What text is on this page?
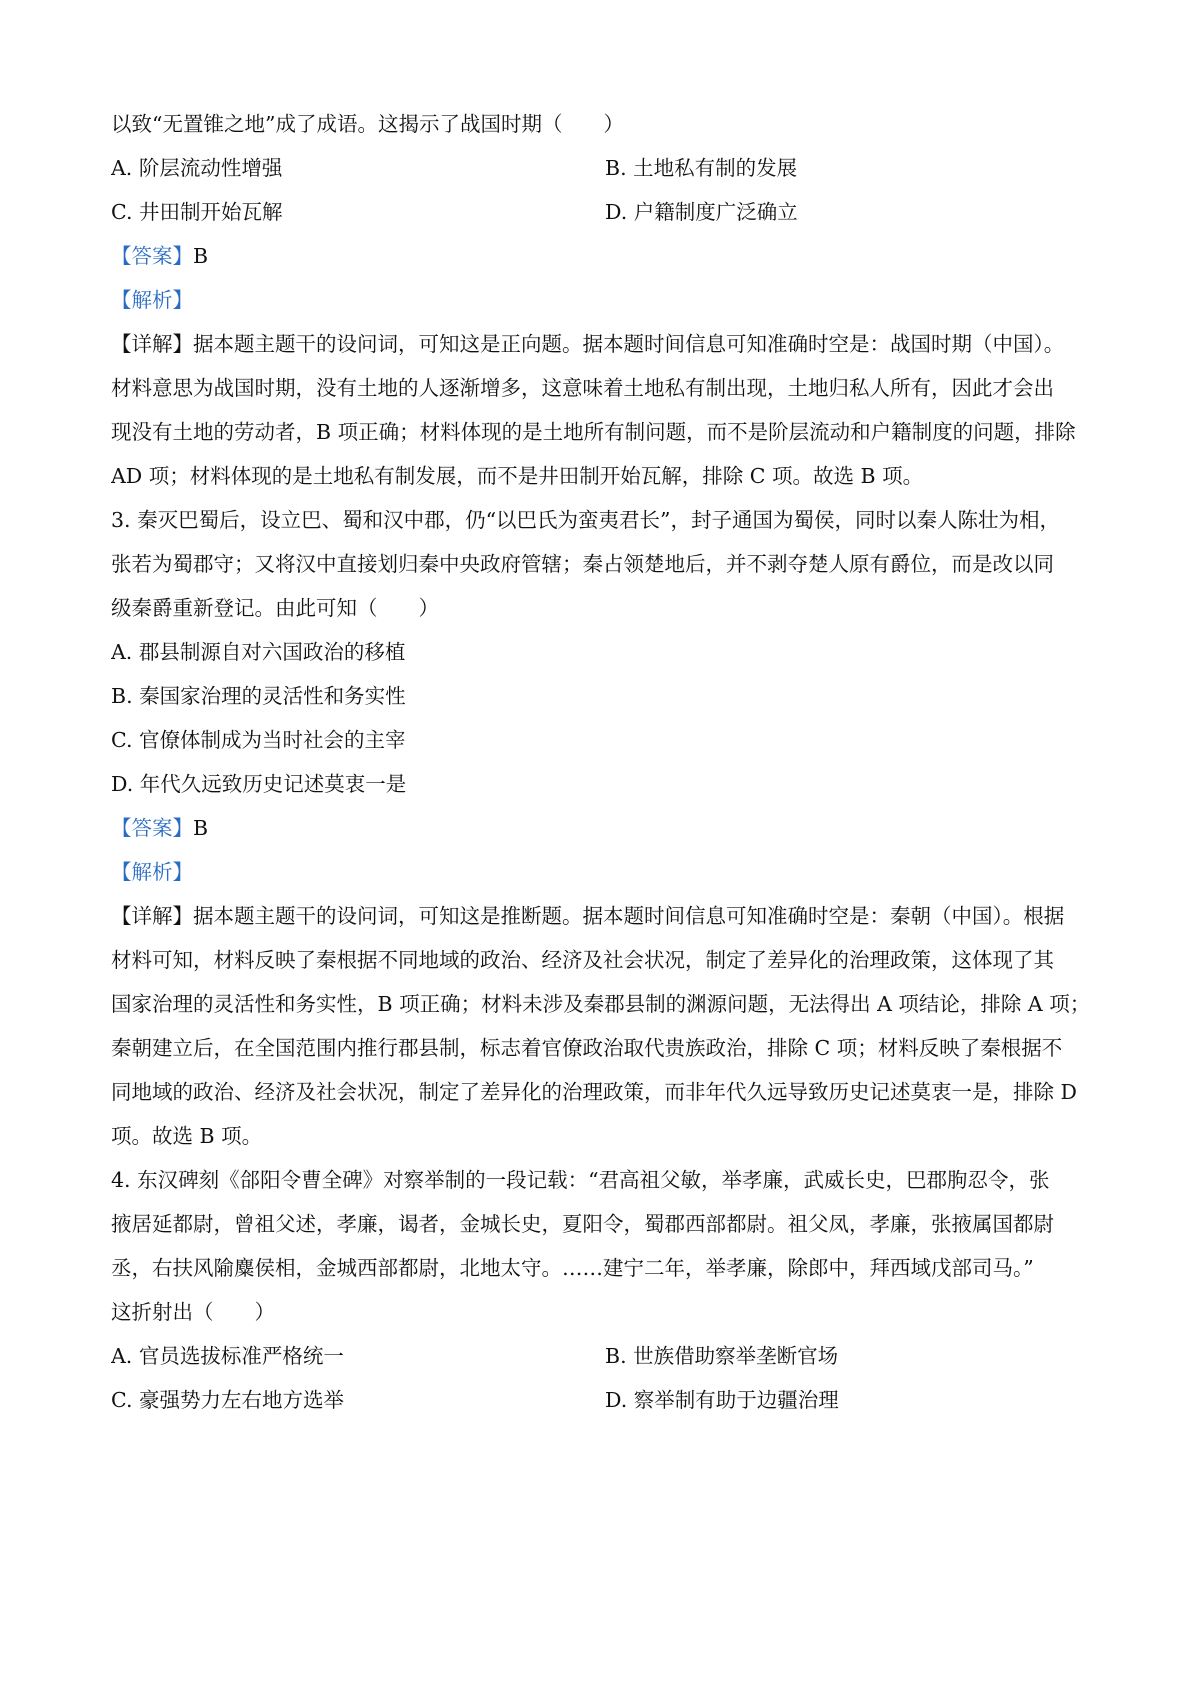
以致“无置锥之地”成了成语。这揭示了战国时期（　　）
A. 阶层流动性增强	B. 土地私有制的发展
C. 井田制开始瓦解	D. 户籍制度广泛确立
【答案】B
【解析】
【详解】据本题主题干的设问词，可知这是正向题。据本题时间信息可知准确时空是：战国时期（中国）。
材料意思为战国时期，没有土地的人逐渐增多，这意味着土地私有制出现，土地归私人所有，因此才会出
现没有土地的劳动者，B 项正确；材料体现的是土地所有制问题，而不是阶层流动和户籍制度的问题，排除
AD 项；材料体现的是土地私有制发展，而不是井田制开始瓦解，排除 C 项。故选 B 项。
3. 秦灭巴蜀后，设立巴、蜀和汉中郡，仍“以巴氏为蛮夷君长”，封子通国为蜀侯，同时以秦人陈壮为相，
张若为蜀郡守；又将汉中直接划归秦中央政府管辖；秦占领楚地后，并不剥夺楚人原有爵位，而是改以同
级秦爵重新登记。由此可知（　　）
A. 郡县制源自对六国政治的移植
B. 秦国家治理的灵活性和务实性
C. 官僚体制成为当时社会的主宰
D. 年代久远致历史记述莫衷一是
【答案】B
【解析】
【详解】据本题主题干的设问词，可知这是推断题。据本题时间信息可知准确时空是：秦朝（中国）。根据
材料可知，材料反映了秦根据不同地域的政治、经济及社会状况，制定了差异化的治理政策，这体现了其
国家治理的灵活性和务实性，B 项正确；材料未涉及秦郡县制的渊源问题，无法得出 A 项结论，排除 A 项；
秦朝建立后，在全国范围内推行郡县制，标志着官僚政治取代贵族政治，排除 C 项；材料反映了秦根据不
同地域的政治、经济及社会状况，制定了差异化的治理政策，而非年代久远导致历史记述莫衷一是，排除 D
项。故选 B 项。
4. 东汉碑刻《郃阳令曹全碑》对察举制的一段记载：“君高祖父敏，举孝廉，武威长史，巴郡朐忍令，张
掖居延都尉，曾祖父述，孝廉，谒者，金城长史，夏阳令，蜀郡西部都尉。祖父凤，孝廉，张掖属国都尉
丞，右扶风隃麋侯相，金城西部都尉，北地太守。……建宁二年，举孝廉，除郎中，拜西域戊部司马。”
这折射出（　　）
A. 官员选拔标准严格统一	B. 世族借助察举垄断官场
C. 豪强势力左右地方选举	D. 察举制有助于边疆治理
